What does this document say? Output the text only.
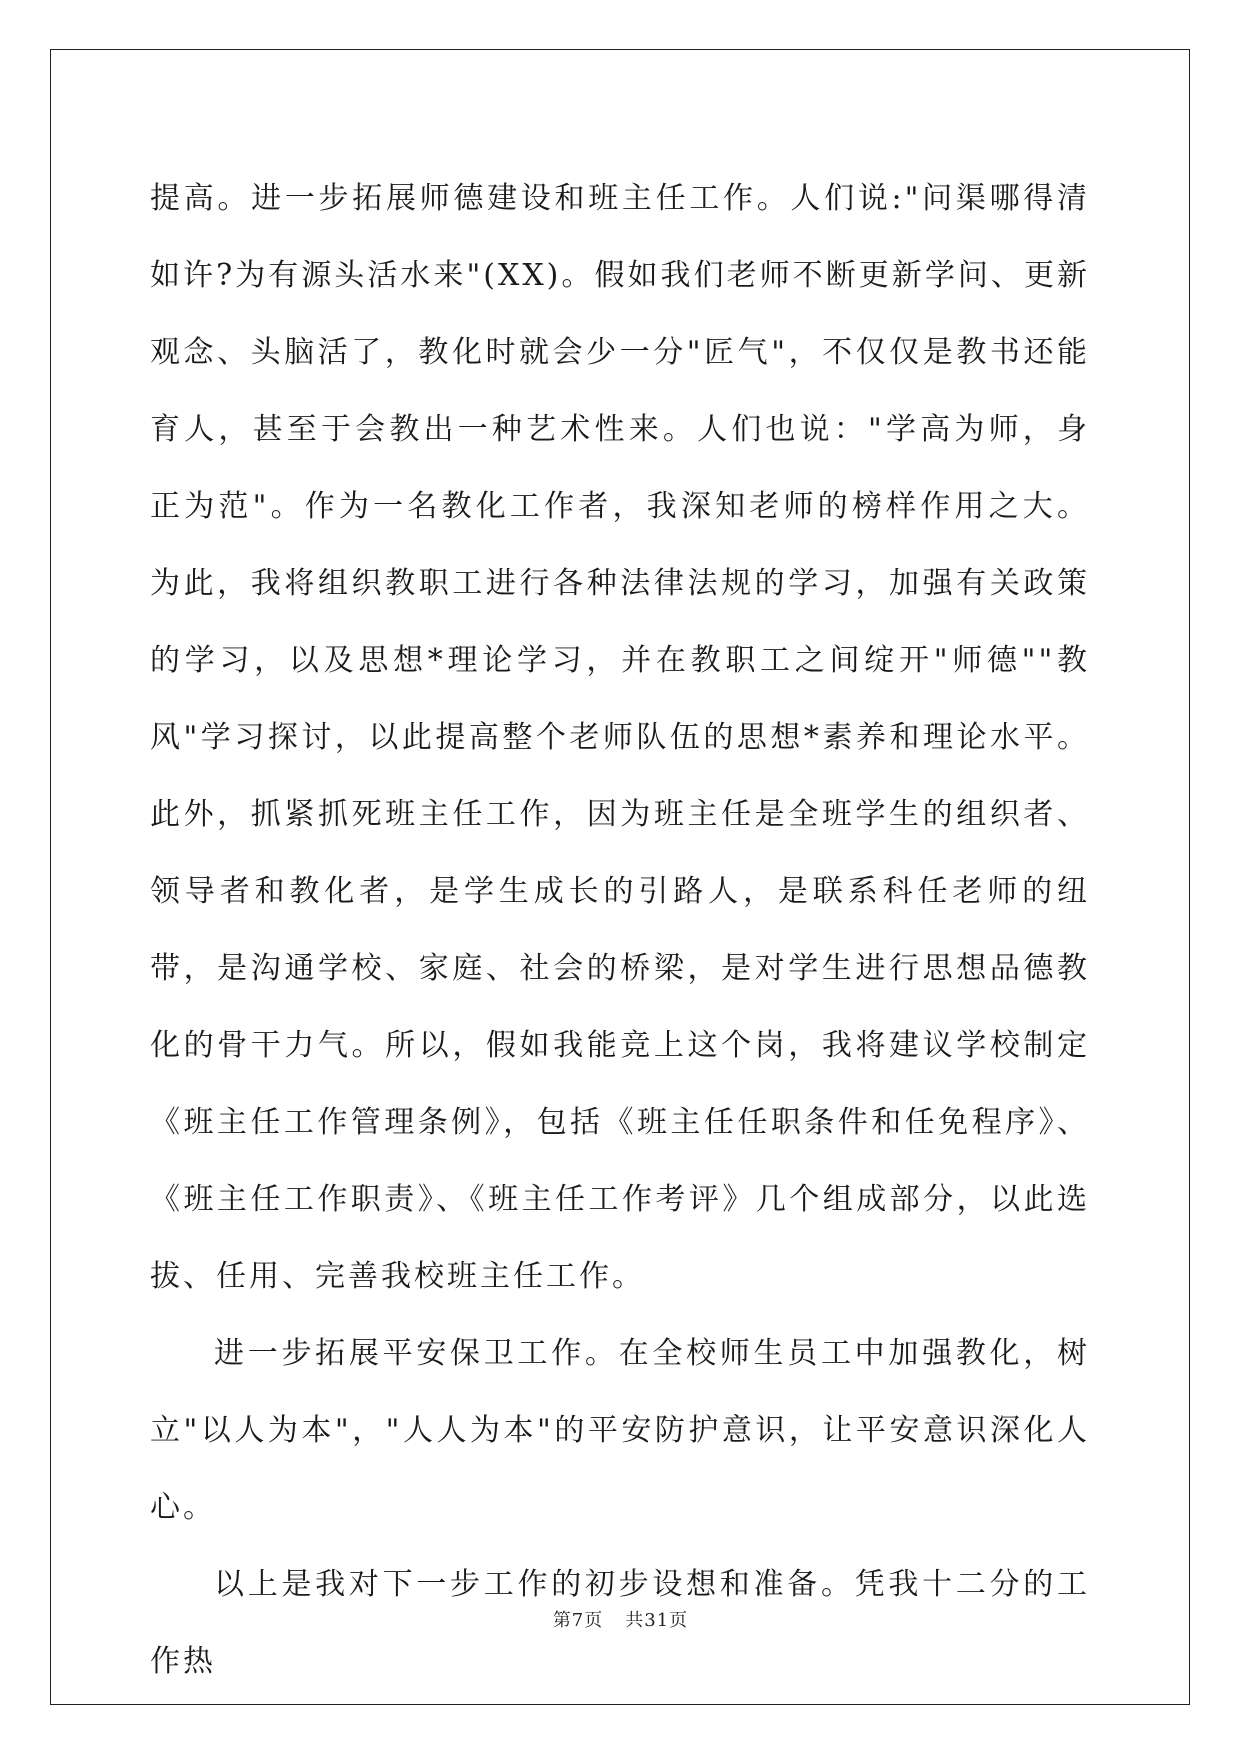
提高。进一步拓展师德建设和班主任工作。人们说:"问渠哪得清如许?为有源头活水来"(XX)。假如我们老师不断更新学问、更新观念、头脑活了，教化时就会少一分"匠气"，不仅仅是教书还能育人，甚至于会教出一种艺术性来。人们也说："学高为师，身正为范"。作为一名教化工作者，我深知老师的榜样作用之大。为此，我将组织教职工进行各种法律法规的学习，加强有关政策的学习，以及思想*理论学习，并在教职工之间绽开"师德""教风"学习探讨，以此提高整个老师队伍的思想*素养和理论水平。此外，抓紧抓死班主任工作，因为班主任是全班学生的组织者、领导者和教化者，是学生成长的引路人，是联系科任老师的纽带，是沟通学校、家庭、社会的桥梁，是对学生进行思想品德教化的骨干力气。所以，假如我能竞上这个岗，我将建议学校制定《班主任工作管理条例》，包括《班主任任职条件和任免程序》、《班主任工作职责》、《班主任工作考评》几个组成部分，以此选拔、任用、完善我校班主任工作。

进一步拓展平安保卫工作。在全校师生员工中加强教化，树立"以人为本"，"人人为本"的平安防护意识，让平安意识深化人心。

以上是我对下一步工作的初步设想和准备。凭我十二分的工作热

第7页 共31页
